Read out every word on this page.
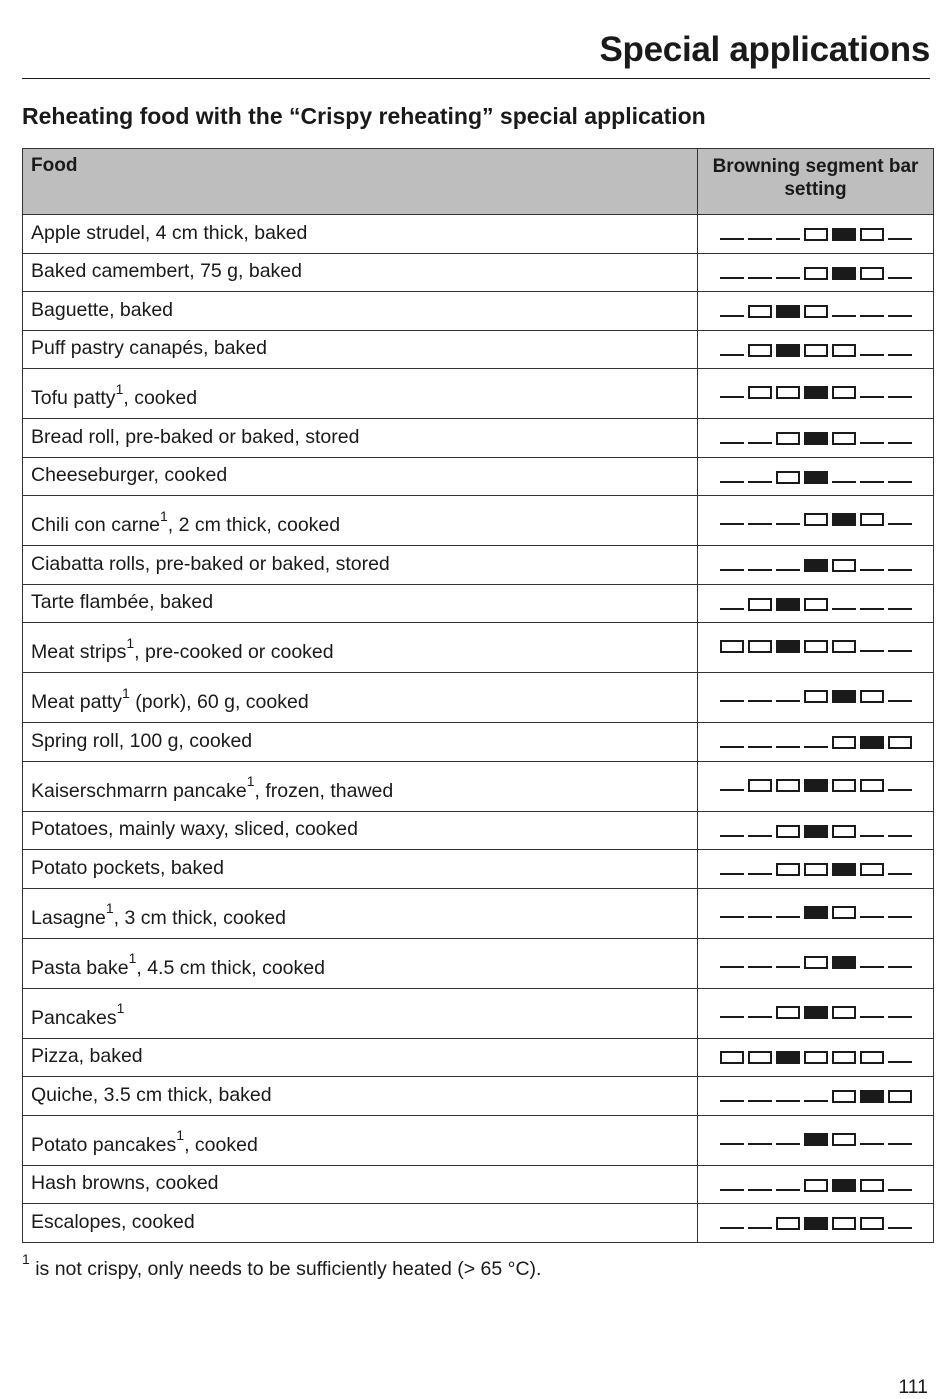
Special applications
Reheating food with the “Crispy reheating” special application
Food	Browning segment bar setting
Apple strudel, 4 cm thick, baked	

Baked camembert, 75 g, baked	

Baguette, baked	

Puff pastry canapés, baked	

Tofu patty$^1$, cooked	

Bread roll, pre-baked or baked, stored	

Cheeseburger, cooked	

Chili con carne$^1$, 2 cm thick, cooked	

Ciabatta rolls, pre-baked or baked, stored	

Tarte flambée, baked	

Meat strips$^1$, pre-cooked or cooked	

Meat patty$^1$ (pork), 60 g, cooked	

Spring roll, 100 g, cooked	

Kaiserschmarrn pancake$^1$, frozen, thawed	

Potatoes, mainly waxy, sliced, cooked	

Potato pockets, baked	

Lasagne$^1$, 3 cm thick, cooked	

Pasta bake$^1$, 4.5 cm thick, cooked	

Pancakes$^1$	

Pizza, baked	

Quiche, 3.5 cm thick, baked	

Potato pancakes$^1$, cooked	

Hash browns, cooked	

Escalopes, cooked	

$^1$ is not crispy, only needs to be sufficiently heated (> 65 °C).

111
